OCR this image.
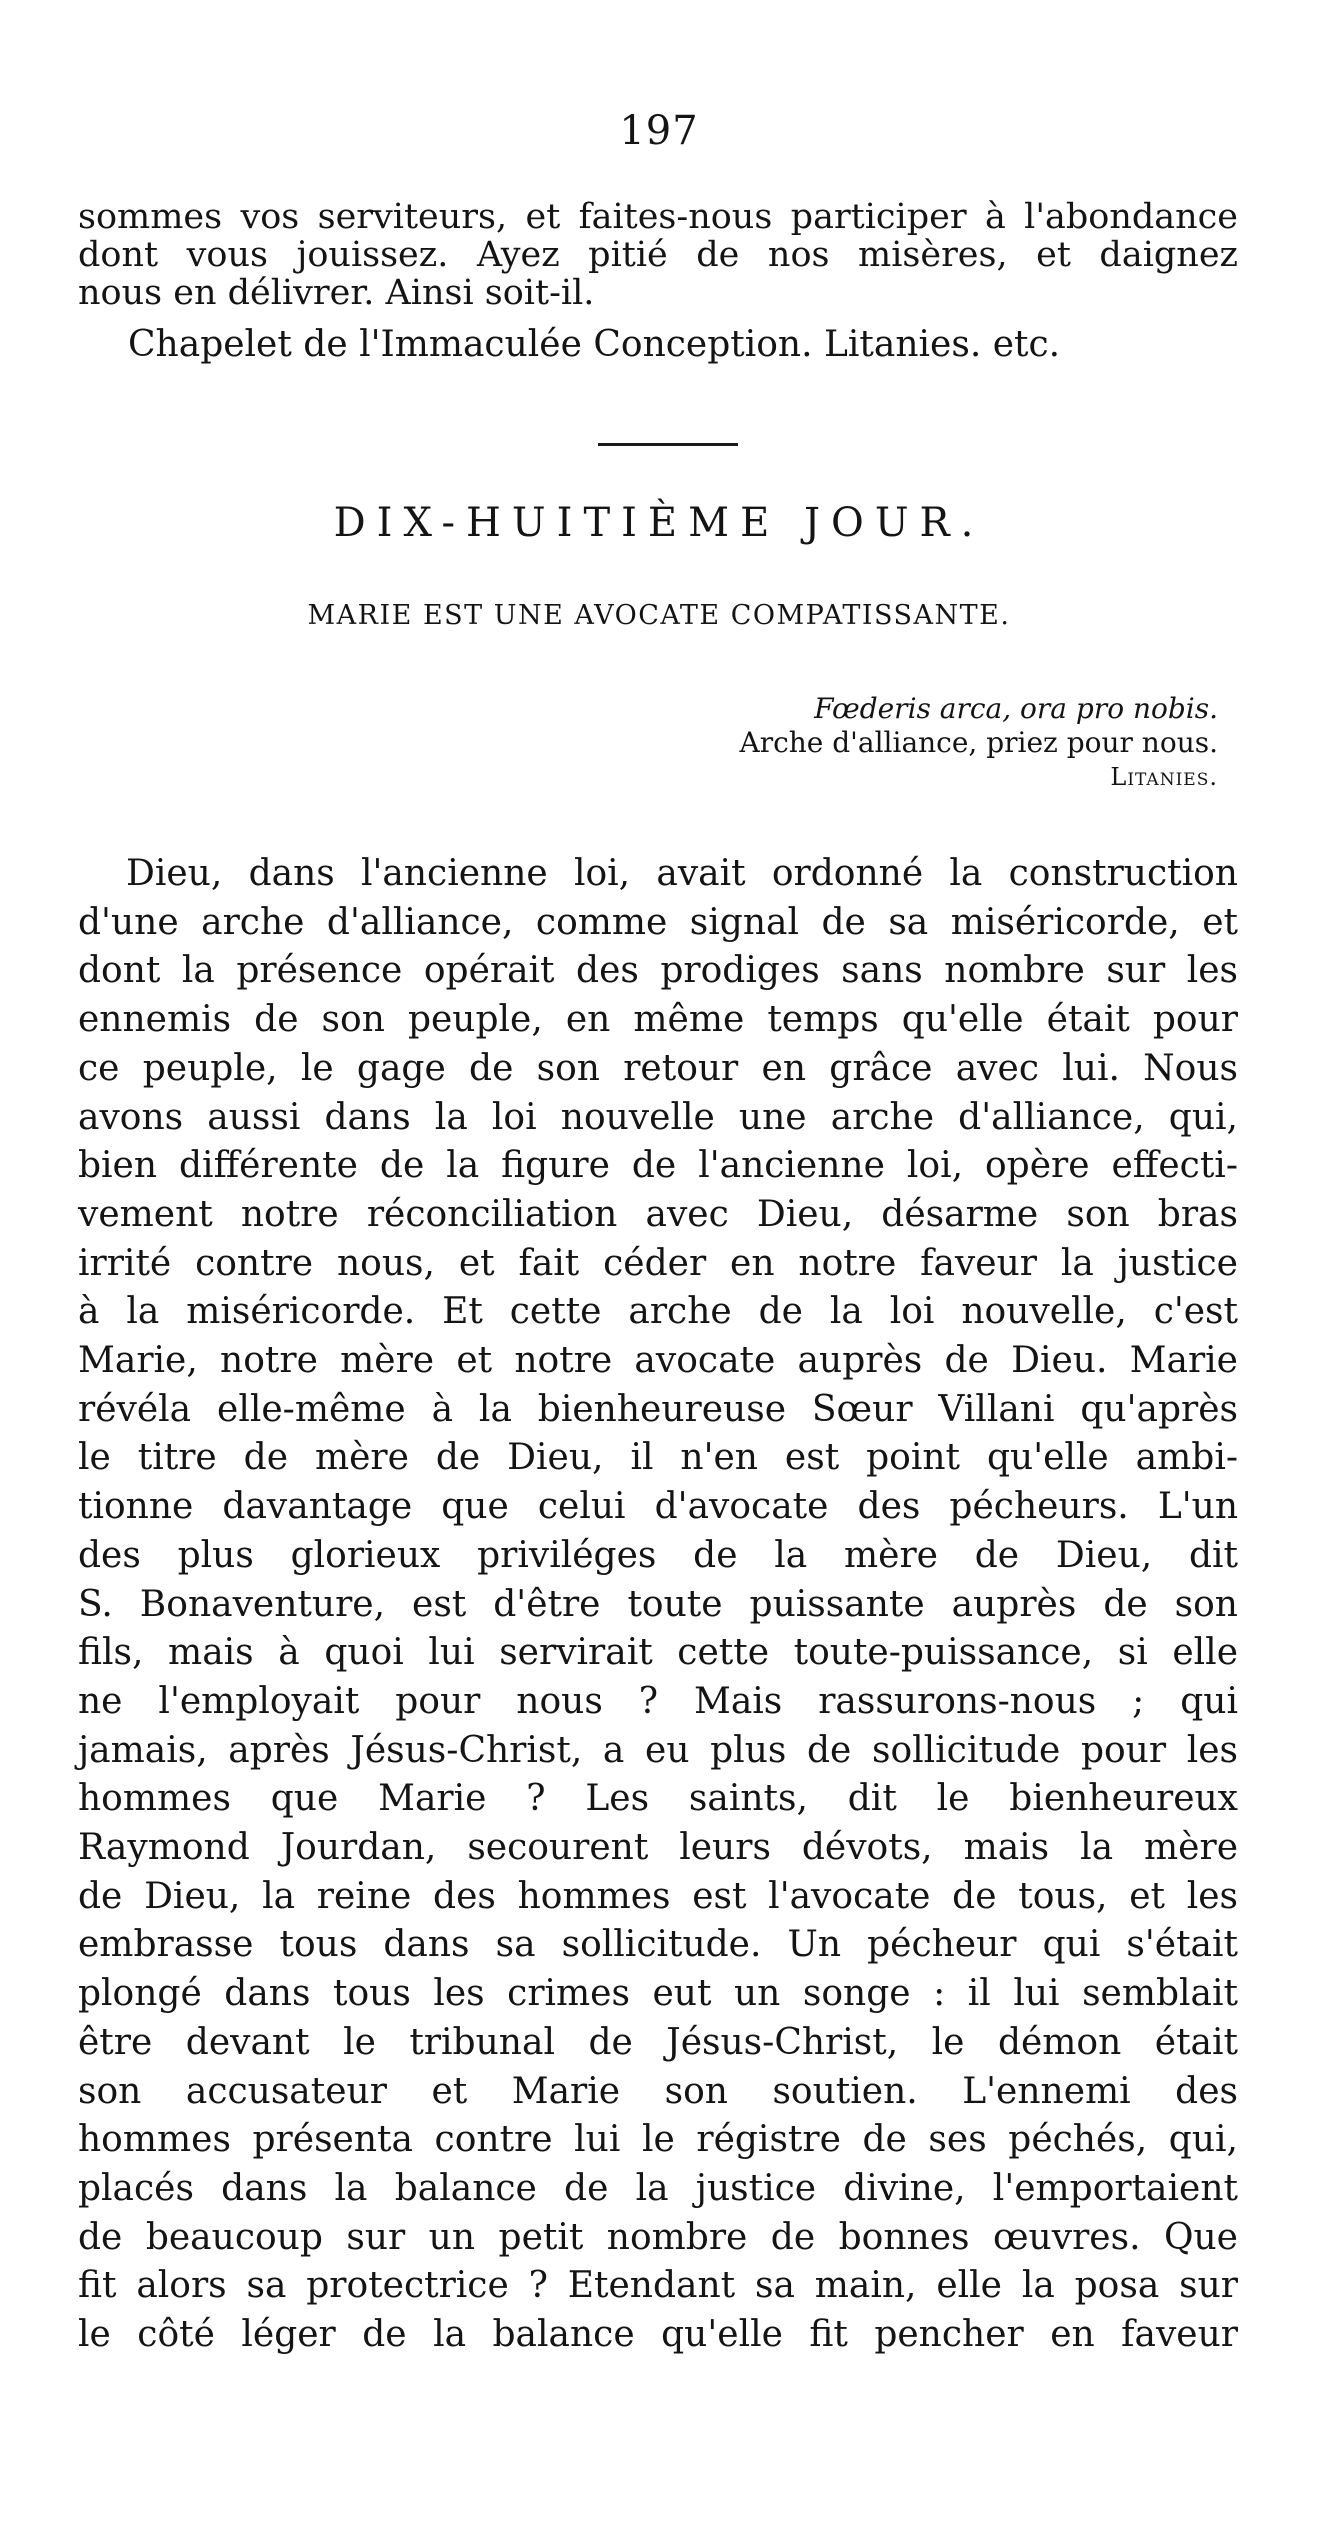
197
sommes vos serviteurs, et faites-nous participer à l'abondance
dont vous jouissez. Ayez pitié de nos misères, et daignez
nous en délivrer. Ainsi soit-il.
Chapelet de l'Immaculée Conception. Litanies. etc.
DIX-HUITIÈME JOUR.
MARIE EST UNE AVOCATE COMPATISSANTE.
Fœderis arca, ora pro nobis.
Arche d'alliance, priez pour nous.
Litanies.
Dieu, dans l'ancienne loi, avait ordonné la construction
d'une arche d'alliance, comme signal de sa miséricorde, et
dont la présence opérait des prodiges sans nombre sur les
ennemis de son peuple, en même temps qu'elle était pour
ce peuple, le gage de son retour en grâce avec lui. Nous
avons aussi dans la loi nouvelle une arche d'alliance, qui,
bien différente de la figure de l'ancienne loi, opère effecti-
vement notre réconciliation avec Dieu, désarme son bras
irrité contre nous, et fait céder en notre faveur la justice
à la miséricorde. Et cette arche de la loi nouvelle, c'est
Marie, notre mère et notre avocate auprès de Dieu. Marie
révéla elle-même à la bienheureuse Sœur Villani qu'après
le titre de mère de Dieu, il n'en est point qu'elle ambi-
tionne davantage que celui d'avocate des pécheurs. L'un
des plus glorieux priviléges de la mère de Dieu, dit
S. Bonaventure, est d'être toute puissante auprès de son
fils, mais à quoi lui servirait cette toute-puissance, si elle
ne l'employait pour nous ? Mais rassurons-nous ; qui
jamais, après Jésus-Christ, a eu plus de sollicitude pour les
hommes que Marie ? Les saints, dit le bienheureux
Raymond Jourdan, secourent leurs dévots, mais la mère
de Dieu, la reine des hommes est l'avocate de tous, et les
embrasse tous dans sa sollicitude. Un pécheur qui s'était
plongé dans tous les crimes eut un songe : il lui semblait
être devant le tribunal de Jésus-Christ, le démon était
son accusateur et Marie son soutien. L'ennemi des
hommes présenta contre lui le régistre de ses péchés, qui,
placés dans la balance de la justice divine, l'emportaient
de beaucoup sur un petit nombre de bonnes œuvres. Que
fit alors sa protectrice ? Etendant sa main, elle la posa sur
le côté léger de la balance qu'elle fit pencher en faveur
